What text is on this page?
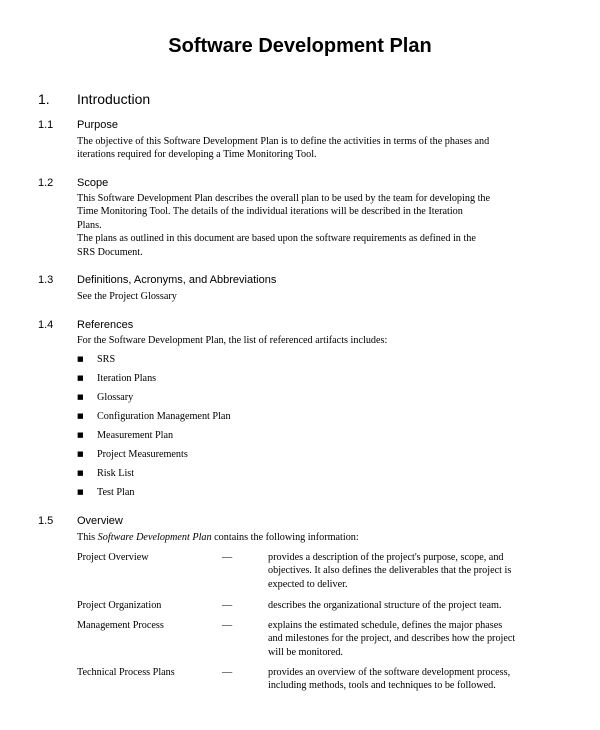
Software Development Plan
1. Introduction
1.1 Purpose
The objective of this Software Development Plan is to define the activities in terms of the phases and
iterations required for developing a Time Monitoring Tool.
1.2 Scope
This Software Development Plan describes the overall plan to be used by the team for developing the
Time Monitoring Tool. The details of the individual iterations will be described in the Iteration
Plans.
The plans as outlined in this document are based upon the software requirements as defined in the
SRS Document.
1.3 Definitions, Acronyms, and Abbreviations
See the Project Glossary
1.4 References
For the Software Development Plan, the list of referenced artifacts includes:
■ SRS
■ Iteration Plans
■ Glossary
■ Configuration Management Plan
■ Measurement Plan
■ Project Measurements
■ Risk List
■ Test Plan
1.5 Overview
This Software Development Plan contains the following information:
Project Overview	—	provides a description of the project's purpose, scope, and
objectives. It also defines the deliverables that the project is
expected to deliver.
Project Organization	—	describes the organizational structure of the project team.
Management Process	—	explains the estimated schedule, defines the major phases
and milestones for the project, and describes how the project
will be monitored.
Technical Process Plans	—	provides an overview of the software development process,
including methods, tools and techniques to be followed.
